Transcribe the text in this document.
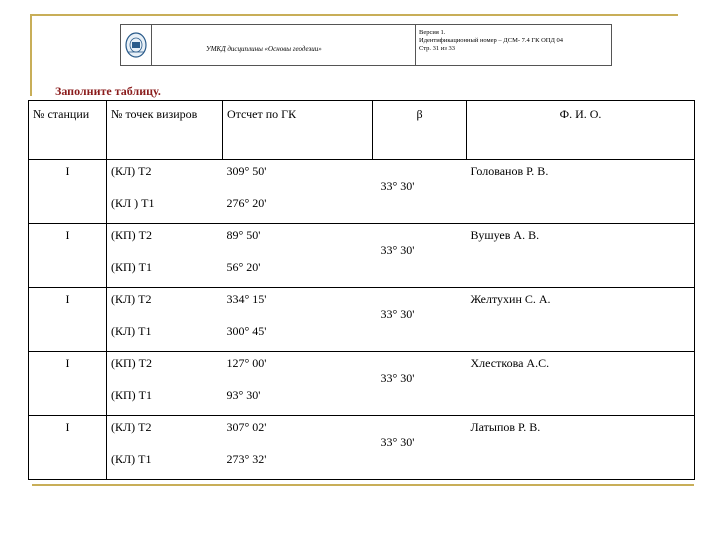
УМКД дисциплины «Основы геодезии»
Версия 1.
Идентификационный номер – ДСМ- 7.4 ГК ОПД 04
Стр. 31 из 33
Заполните таблицу.
№ станции	№ точек визиров	Отсчет по ГК	β	Ф. И. О.
I	(КЛ) Т2	309° 50'	33° 30'	Голованов Р. В.
	(КЛ ) Т1	276° 20'		
I	(КП) Т2	89° 50'	33° 30'	Вушуев А. В.
	(КП) Т1	56° 20'		
I	(КЛ) Т2	334° 15'	33° 30'	Желтухин С. А.
	(КЛ) Т1	300° 45'		
I	(КП) Т2	127° 00'	33° 30'	Хлесткова А.С.
	(КП) Т1	93° 30'		
I	(КЛ) Т2	307° 02'	33° 30'	Латыпов Р. В.
	(КЛ) Т1	273° 32'		
